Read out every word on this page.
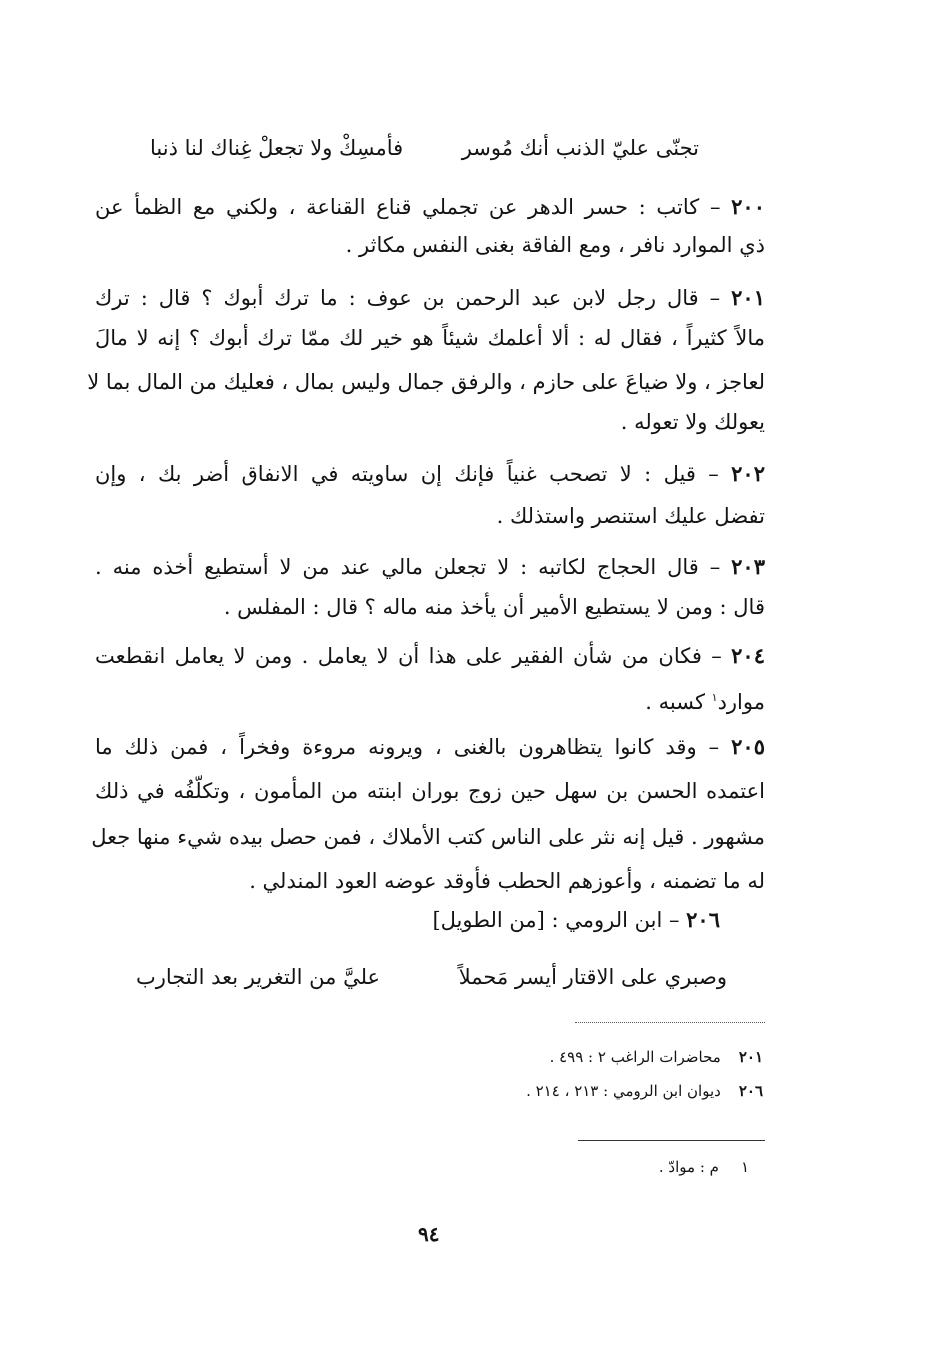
تجنّى عليّ الذنب أنك مُوسر
فأمسِكْ ولا تجعلْ غِناك لنا ذنبا
٢٠٠ – كاتب : حسر الدهر عن تجملي قناع القناعة ، ولكني مع الظمأ عن
ذي الموارد نافر ، ومع الفاقة بغنى النفس مكاثر .
٢٠١ – قال رجل لابن عبد الرحمن بن عوف : ما ترك أبوك ؟ قال : ترك
مالاً كثيراً ، فقال له : ألا أعلمك شيئاً هو خير لك ممّا ترك أبوك ؟ إنه لا مالَ
لعاجز ، ولا ضياعَ على حازم ، والرفق جمال وليس بمال ، فعليك من المال بما لا
يعولك ولا تعوله .
٢٠٢ – قيل : لا تصحب غنياً فإنك إن ساويته في الانفاق أضر بك ، وإن
تفضل عليك استنصر واستذلك .
٢٠٣ – قال الحجاج لكاتبه : لا تجعلن مالي عند من لا أستطيع أخذه منه .
قال : ومن لا يستطيع الأمير أن يأخذ منه ماله ؟ قال : المفلس .
٢٠٤ – فكان من شأن الفقير على هذا أن لا يعامل . ومن لا يعامل انقطعت
موارد$^١$ كسبه .
٢٠٥ – وقد كانوا يتظاهرون بالغنى ، ويرونه مروءة وفخراً ، فمن ذلك ما
اعتمده الحسن بن سهل حين زوج بوران ابنته من المأمون ، وتكلّفُه في ذلك
مشهور . قيل إنه نثر على الناس كتب الأملاك ، فمن حصل بيده شيء منها جعل
له ما تضمنه ، وأعوزهم الحطب فأوقد عوضه العود المندلي .
٢٠٦ – ابن الرومي : [من الطويل]
وصبري على الاقتار أيسر مَحملاً
عليَّ من التغرير بعد التجارب
٢٠١محاضرات الراغب ٢ : ٤٩٩ .
٢٠٦ديوان ابن الرومي : ٢١٣ ، ٢١٤ .
١م : موادّ .
٩٤
